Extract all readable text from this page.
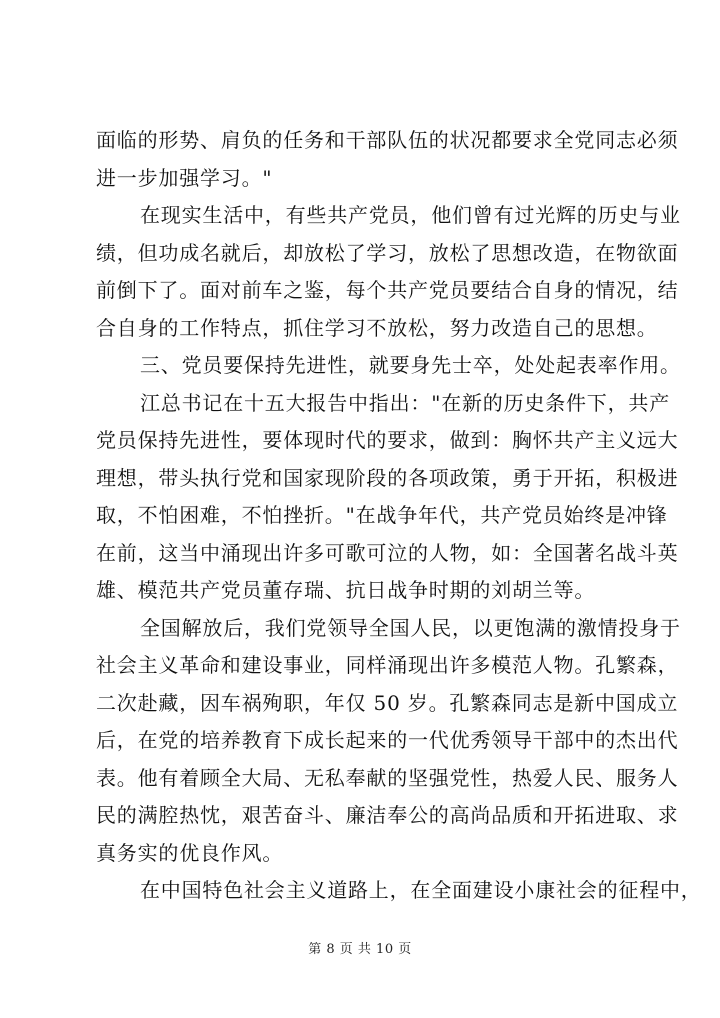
面临的形势、肩负的任务和干部队伍的状况都要求全党同志必须
进一步加强学习。"
在现实生活中，有些共产党员，他们曾有过光辉的历史与业
绩，但功成名就后，却放松了学习，放松了思想改造，在物欲面
前倒下了。面对前车之鉴，每个共产党员要结合自身的情况，结
合自身的工作特点，抓住学习不放松，努力改造自己的思想。
三、党员要保持先进性，就要身先士卒，处处起表率作用。
江总书记在十五大报告中指出："在新的历史条件下，共产
党员保持先进性，要体现时代的要求，做到：胸怀共产主义远大
理想，带头执行党和国家现阶段的各项政策，勇于开拓，积极进
取，不怕困难，不怕挫折。"在战争年代，共产党员始终是冲锋
在前，这当中涌现出许多可歌可泣的人物，如：全国著名战斗英
雄、模范共产党员董存瑞、抗日战争时期的刘胡兰等。
全国解放后，我们党领导全国人民，以更饱满的激情投身于
社会主义革命和建设事业，同样涌现出许多模范人物。孔繁森，
二次赴藏，因车祸殉职，年仅 50 岁。孔繁森同志是新中国成立
后，在党的培养教育下成长起来的一代优秀领导干部中的杰出代
表。他有着顾全大局、无私奉献的坚强党性，热爱人民、服务人
民的满腔热忱，艰苦奋斗、廉洁奉公的高尚品质和开拓进取、求
真务实的优良作风。
在中国特色社会主义道路上，在全面建设小康社会的征程中，
第 8 页 共 10 页
